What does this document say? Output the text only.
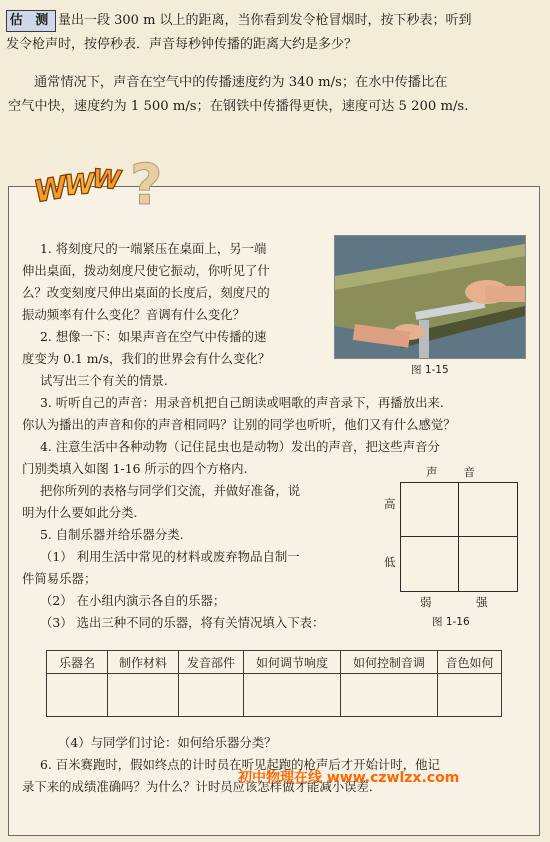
估 测 量出一段 300 m 以上的距离，当你看到发令枪冒烟时，按下秒表；听到
发令枪声时，按停秒表．声音每秒钟传播的距离大约是多少？
通常情况下，声音在空气中的传播速度约为 340 m/s；在水中传播比在
空气中快，速度约为 1 500 m/s；在钢铁中传播得更快，速度可达 5 200 m/s.
W
W
W ?
1. 将刻度尺的一端紧压在桌面上，另一端
伸出桌面，拨动刻度尺使它振动，你听见了什
么？改变刻度尺伸出桌面的长度后，刻度尺的
振动频率有什么变化？音调有什么变化？
图 1-15
2. 想像一下：如果声音在空气中传播的速
度变为 0.1 m/s，我们的世界会有什么变化？
试写出三个有关的情景.
3. 听听自己的声音：用录音机把自己朗读或唱歌的声音录下，再播放出来.
你认为播出的声音和你的声音相同吗？让别的同学也听听，他们又有什么感觉？
4. 注意生活中各种动物（记住昆虫也是动物）发出的声音，把这些声音分
门别类填入如图 1-16 所示的四个方格内.
把你所列的表格与同学们交流，并做好准备，说
明为什么要如此分类.
声　　音
高
低
弱	强
图 1-16
5. 自制乐器并给乐器分类.
（1） 利用生活中常见的材料或废弃物品自制一
件简易乐器；
（2） 在小组内演示各自的乐器；
（3） 选出三种不同的乐器，将有关情况填入下表：
乐器名	制作材料	发音部件	如何调节响度	如何控制音调	音色如何

（4）与同学们讨论：如何给乐器分类？
6. 百米赛跑时，假如终点的计时员在听见起跑的枪声后才开始计时，他记
录下来的成绩准确吗？为什么？计时员应该怎样做才能减小误差．
初中物理在线 www.czwlzx.com
